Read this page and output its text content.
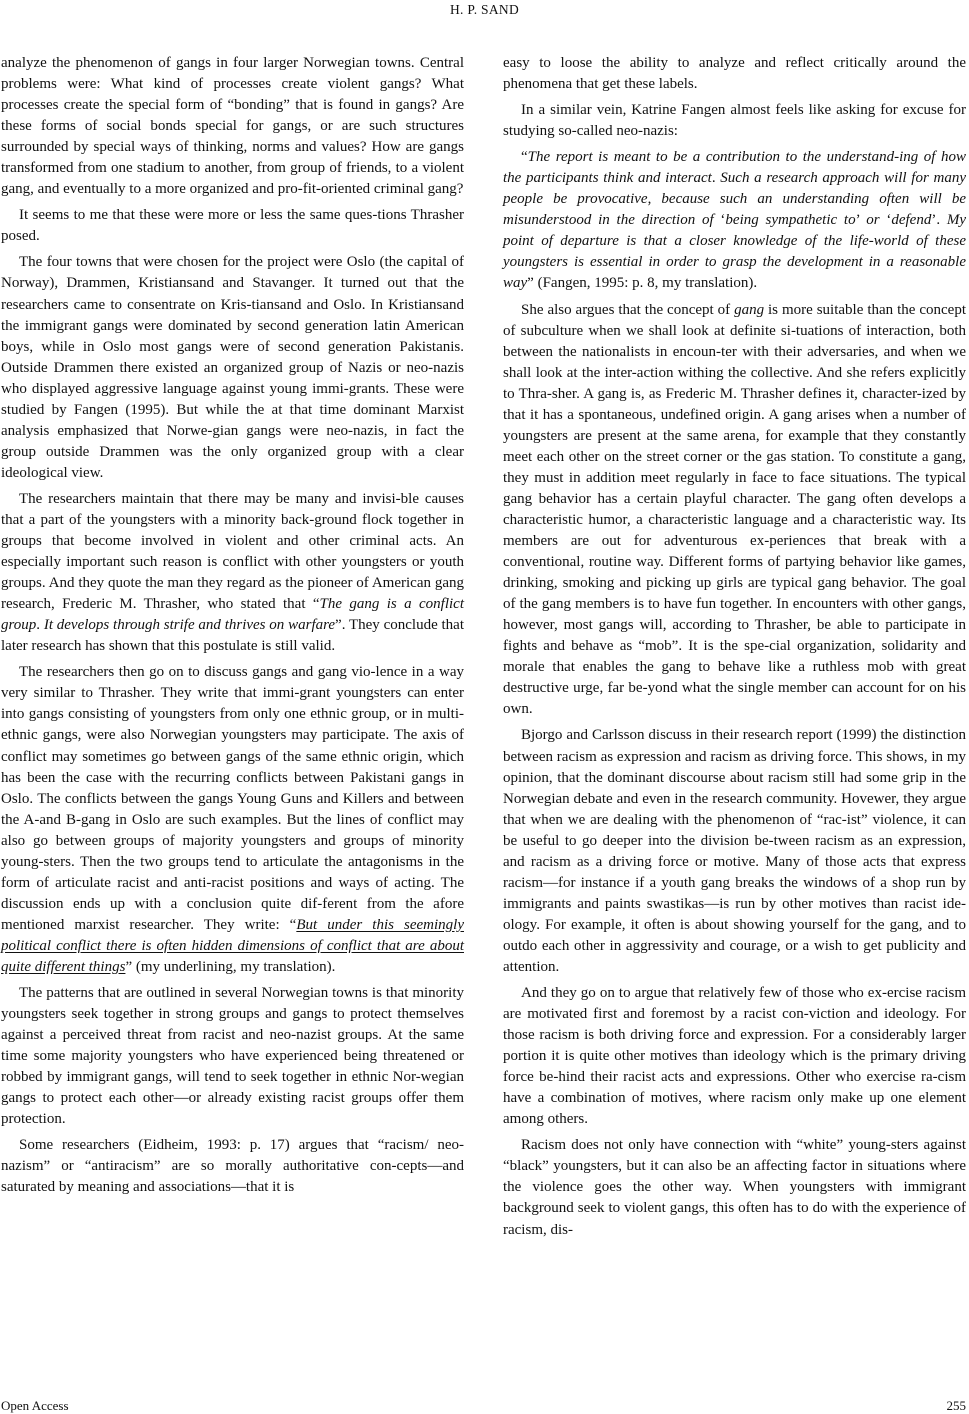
H. P. SAND

analyze the phenomenon of gangs in four larger Norwegian towns. Central problems were: What kind of processes create violent gangs? What processes create the special form of “bonding” that is found in gangs? Are these forms of social bonds special for gangs, or are such structures surrounded by special ways of thinking, norms and values? How are gangs transformed from one stadium to another, from group of friends, to a violent gang, and eventually to a more organized and pro-fit-oriented criminal gang?

It seems to me that these were more or less the same ques-tions Thrasher posed.

The four towns that were chosen for the project were Oslo (the capital of Norway), Drammen, Kristiansand and Stavanger. It turned out that the researchers came to consentrate on Kris-tiansand and Oslo. In Kristiansand the immigrant gangs were dominated by second generation latin American boys, while in Oslo most gangs were of second generation Pakistanis. Outside Drammen there existed an organized group of Nazis or neo-nazis who displayed aggressive language against young immi-grants. These were studied by Fangen (1995). But while the at that time dominant Marxist analysis emphasized that Norwe-gian gangs were neo-nazis, in fact the group outside Drammen was the only organized group with a clear ideological view.

The researchers maintain that there may be many and invisi-ble causes that a part of the youngsters with a minority back-ground flock together in groups that become involved in violent and other criminal acts. An especially important such reason is conflict with other youngsters or youth groups. And they quote the man they regard as the pioneer of American gang research, Frederic M. Thrasher, who stated that “The gang is a conflict group. It develops through strife and thrives on warfare”. They conclude that later research has shown that this postulate is still valid.

The researchers then go on to discuss gangs and gang vio-lence in a way very similar to Thrasher. They write that immi-grant youngsters can enter into gangs consisting of youngsters from only one ethnic group, or in multi-ethnic gangs, were also Norwegian youngsters may participate. The axis of conflict may sometimes go between gangs of the same ethnic origin, which has been the case with the recurring conflicts between Pakistani gangs in Oslo. The conflicts between the gangs Young Guns and Killers and between the A-and B-gang in Oslo are such examples. But the lines of conflict may also go between groups of majority youngsters and groups of minority young-sters. Then the two groups tend to articulate the antagonisms in the form of articulate racist and anti-racist positions and ways of acting. The discussion ends up with a conclusion quite dif-ferent from the afore mentioned marxist researcher. They write: “But under this seemingly political conflict there is often hidden dimensions of conflict that are about quite different things” (my underlining, my translation).

The patterns that are outlined in several Norwegian towns is that minority youngsters seek together in strong groups and gangs to protect themselves against a perceived threat from racist and neo-nazist groups. At the same time some majority youngsters who have experienced being threatened or robbed by immigrant gangs, will tend to seek together in ethnic Nor-wegian gangs to protect each other—or already existing racist groups offer them protection.

Some researchers (Eidheim, 1993: p. 17) argues that “racism/ neo-nazism” or “antiracism” are so morally authoritative con-cepts—and saturated by meaning and associations—that it is

easy to loose the ability to analyze and reflect critically around the phenomena that get these labels.

In a similar vein, Katrine Fangen almost feels like asking for excuse for studying so-called neo-nazis:

“The report is meant to be a contribution to the understand-ing of how the participants think and interact. Such a research approach will for many people be provocative, because such an understanding often will be misunderstood in the direction of ‘being sympathetic to’ or ‘defend’. My point of departure is that a closer knowledge of the life-world of these youngsters is essential in order to grasp the development in a reasonable way” (Fangen, 1995: p. 8, my translation).

She also argues that the concept of gang is more suitable than the concept of subculture when we shall look at definite si-tuations of interaction, both between the nationalists in encoun-ter with their adversaries, and when we shall look at the inter-action withing the collective. And she refers explicitly to Thra-sher. A gang is, as Frederic M. Thrasher defines it, character-ized by that it has a spontaneous, undefined origin. A gang arises when a number of youngsters are present at the same arena, for example that they constantly meet each other on the street corner or the gas station. To constitute a gang, they must in addition meet regularly in face to face situations. The typical gang behavior has a certain playful character. The gang often develops a characteristic humor, a characteristic language and a characteristic way. Its members are out for adventurous ex-periences that break with a conventional, routine way. Different forms of partying behavior like games, drinking, smoking and picking up girls are typical gang behavior. The goal of the gang members is to have fun together. In encounters with other gangs, however, most gangs will, according to Thrasher, be able to participate in fights and behave as “mob”. It is the spe-cial organization, solidarity and morale that enables the gang to behave like a ruthless mob with great destructive urge, far be-yond what the single member can account for on his own.

Bjorgo and Carlsson discuss in their research report (1999) the distinction between racism as expression and racism as driving force. This shows, in my opinion, that the dominant discourse about racism still had some grip in the Norwegian debate and even in the research community. Hovewer, they argue that when we are dealing with the phenomenon of “rac-ist” violence, it can be useful to go deeper into the division be-tween racism as an expression, and racism as a driving force or motive. Many of those acts that express racism—for instance if a youth gang breaks the windows of a shop run by immigrants and paints swastikas—is run by other motives than racist ide-ology. For example, it often is about showing yourself for the gang, and to outdo each other in aggressivity and courage, or a wish to get publicity and attention.

And they go on to argue that relatively few of those who ex-ercise racism are motivated first and foremost by a racist con-viction and ideology. For those racism is both driving force and expression. For a considerably larger portion it is quite other motives than ideology which is the primary driving force be-hind their racist acts and expressions. Other who exercise ra-cism have a combination of motives, where racism only make up one element among others.

Racism does not only have connection with “white” young-sters against “black” youngsters, but it can also be an affecting factor in situations where the violence goes the other way. When youngsters with immigrant background seek to violent gangs, this often has to do with the experience of racism, dis-

Open Access	255
